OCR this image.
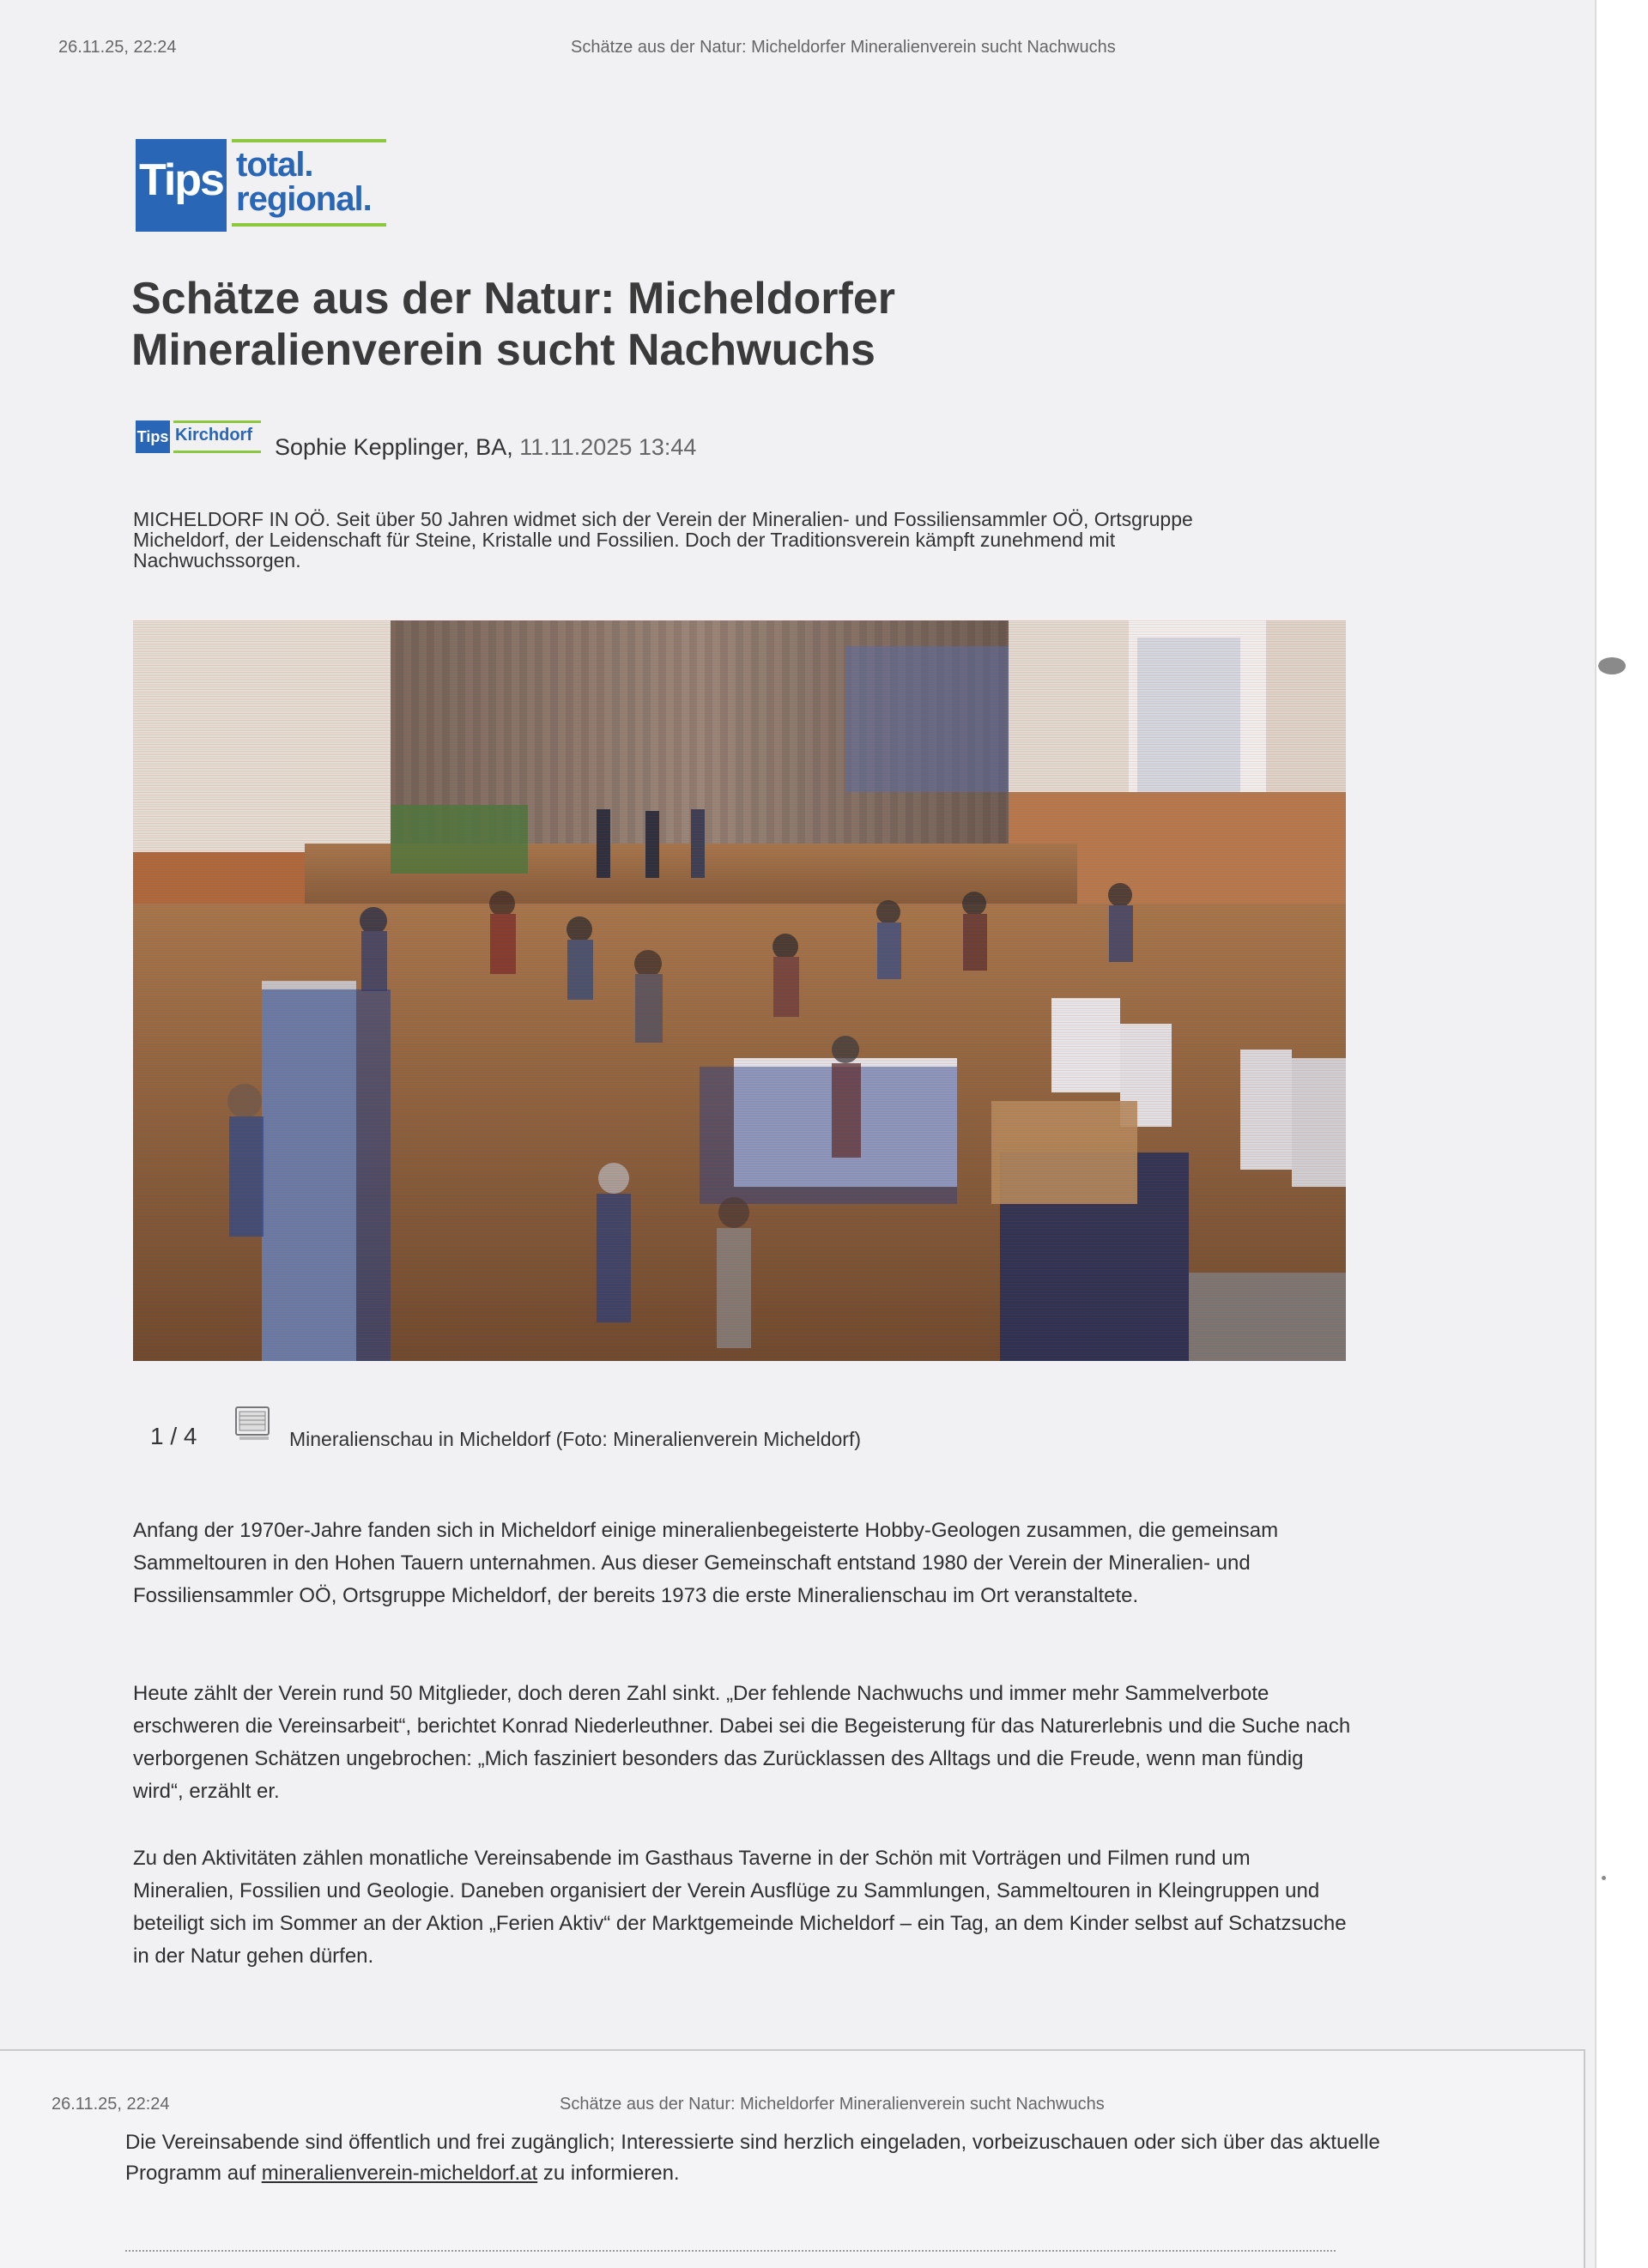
26.11.25, 22:24	Schätze aus der Natur: Micheldorfer Mineralienverein sucht Nachwuchs
Tips total.
regional.
Schätze aus der Natur: Micheldorfer
Mineralienverein sucht Nachwuchs
Tips Kirchdorf Sophie Kepplinger, BA, 11.11.2025 13:44

MICHELDORF IN OÖ. Seit über 50 Jahren widmet sich der Verein der Mineralien- und Fossiliensammler OÖ, Ortsgruppe Micheldorf, der Leidenschaft für Steine, Kristalle und Fossilien. Doch der Traditionsverein kämpft zunehmend mit Nachwuchssorgen.

1 / 4	Mineralienschau in Micheldorf (Foto: Mineralienverein Micheldorf)

Anfang der 1970er-Jahre fanden sich in Micheldorf einige mineralienbegeisterte Hobby-Geologen zusammen, die gemeinsam Sammeltouren in den Hohen Tauern unternahmen. Aus dieser Gemeinschaft entstand 1980 der Verein der Mineralien- und Fossiliensammler OÖ, Ortsgruppe Micheldorf, der bereits 1973 die erste Mineralienschau im Ort veranstaltete.

Heute zählt der Verein rund 50 Mitglieder, doch deren Zahl sinkt. „Der fehlende Nachwuchs und immer mehr Sammelverbote erschweren die Vereinsarbeit“, berichtet Konrad Niederleuthner. Dabei sei die Begeisterung für das Naturerlebnis und die Suche nach verborgenen Schätzen ungebrochen: „Mich fasziniert besonders das Zurücklassen des Alltags und die Freude, wenn man fündig wird“, erzählt er.

Zu den Aktivitäten zählen monatliche Vereinsabende im Gasthaus Taverne in der Schön mit Vorträgen und Filmen rund um Mineralien, Fossilien und Geologie. Daneben organisiert der Verein Ausflüge zu Sammlungen, Sammeltouren in Kleingruppen und beteiligt sich im Sommer an der Aktion „Ferien Aktiv“ der Marktgemeinde Micheldorf – ein Tag, an dem Kinder selbst auf Schatzsuche in der Natur gehen dürfen.

26.11.25, 22:24	Schätze aus der Natur: Micheldorfer Mineralienverein sucht Nachwuchs

Die Vereinsabende sind öffentlich und frei zugänglich; Interessierte sind herzlich eingeladen, vorbeizuschauen oder sich über das aktuelle Programm auf mineralienverein-micheldorf.at zu informieren.
